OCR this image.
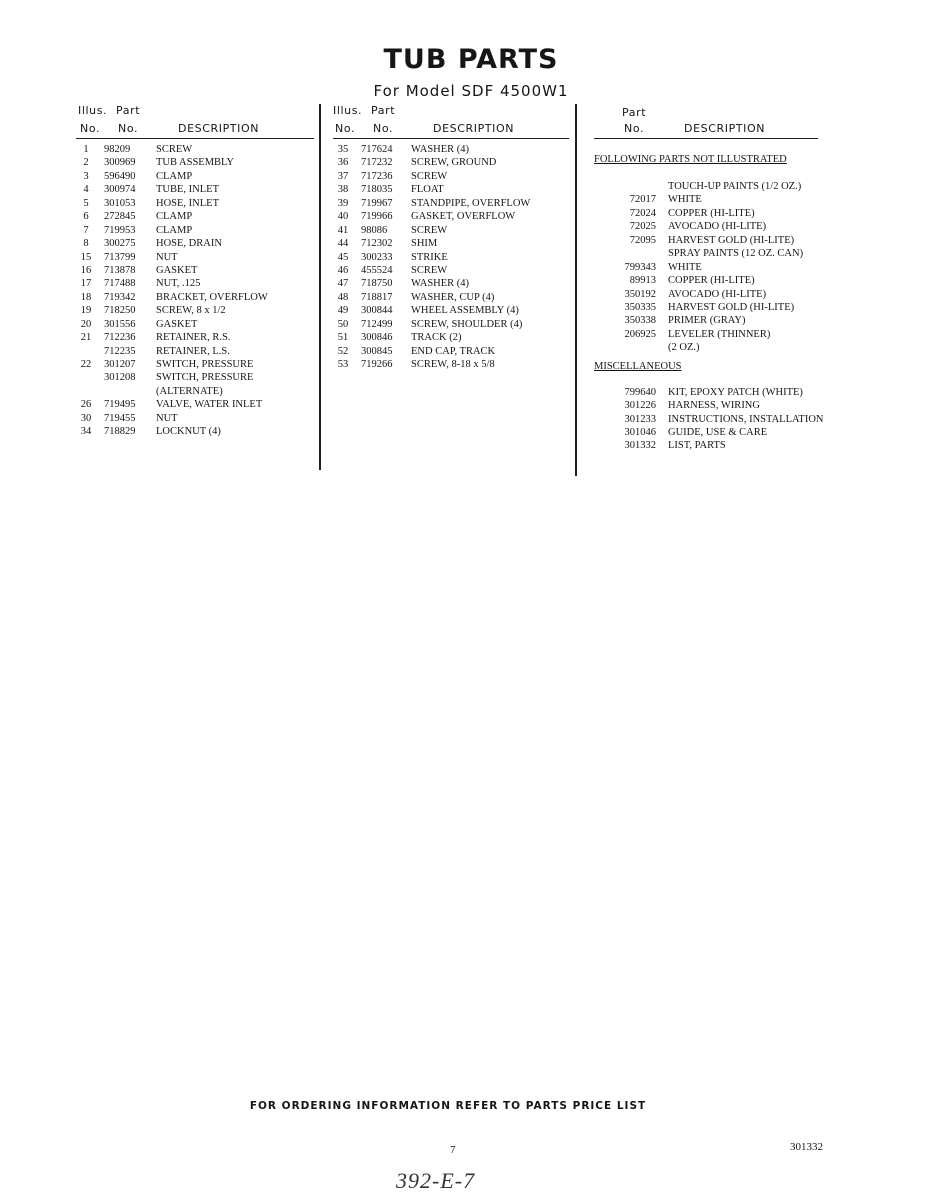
TUB PARTS
For Model SDF 4500W1
Illus. Part
No. No.	DESCRIPTION
1	98209 SCREW
2	300969 TUB ASSEMBLY
3	596490 CLAMP
4	300974 TUBE, INLET
5	301053 HOSE, INLET
6	272845 CLAMP
7	719953 CLAMP
8	300275 HOSE, DRAIN
15	713799 NUT
16	713878 GASKET
17	717488 NUT, .125
18	719342 BRACKET, OVERFLOW
19	718250 SCREW, 8 x 1/2
20	301556 GASKET
21	712236 RETAINER, R.S.
712235 RETAINER, L.S.
22	301207 SWITCH, PRESSURE
301208 SWITCH, PRESSURE
(ALTERNATE)
26	719495 VALVE, WATER INLET
30	719455 NUT
34	718829 LOCKNUT (4)
Illus. Part
No. No.	DESCRIPTION
35	717624 WASHER (4)
36	717232 SCREW, GROUND
37	717236 SCREW
38	718035 FLOAT
39	719967 STANDPIPE, OVERFLOW
40	719966 GASKET, OVERFLOW
41	98086 SCREW
44	712302 SHIM
45	300233 STRIKE
46	455524 SCREW
47	718750 WASHER (4)
48	718817 WASHER, CUP (4)
49	300844 WHEEL ASSEMBLY (4)
50	712499 SCREW, SHOULDER (4)
51	300846 TRACK (2)
52	300845 END CAP, TRACK
53	719266 SCREW, 8-18 x 5/8
Part
No.	DESCRIPTION
FOLLOWING PARTS NOT ILLUSTRATED
TOUCH-UP PAINTS (1/2 OZ.)
72017 WHITE
72024 COPPER (HI-LITE)
72025 AVOCADO (HI-LITE)
72095 HARVEST GOLD (HI-LITE)
SPRAY PAINTS (12 OZ. CAN)
799343 WHITE
89913 COPPER (HI-LITE)
350192 AVOCADO (HI-LITE)
350335 HARVEST GOLD (HI-LITE)
350338 PRIMER (GRAY)
206925 LEVELER (THINNER)
(2 OZ.)
MISCELLANEOUS
799640 KIT, EPOXY PATCH (WHITE)
301226 HARNESS, WIRING
301233 INSTRUCTIONS, INSTALLATION
301046 GUIDE, USE & CARE
301332 LIST, PARTS
FOR ORDERING INFORMATION REFER TO PARTS PRICE LIST
7	301332
392-E-7
